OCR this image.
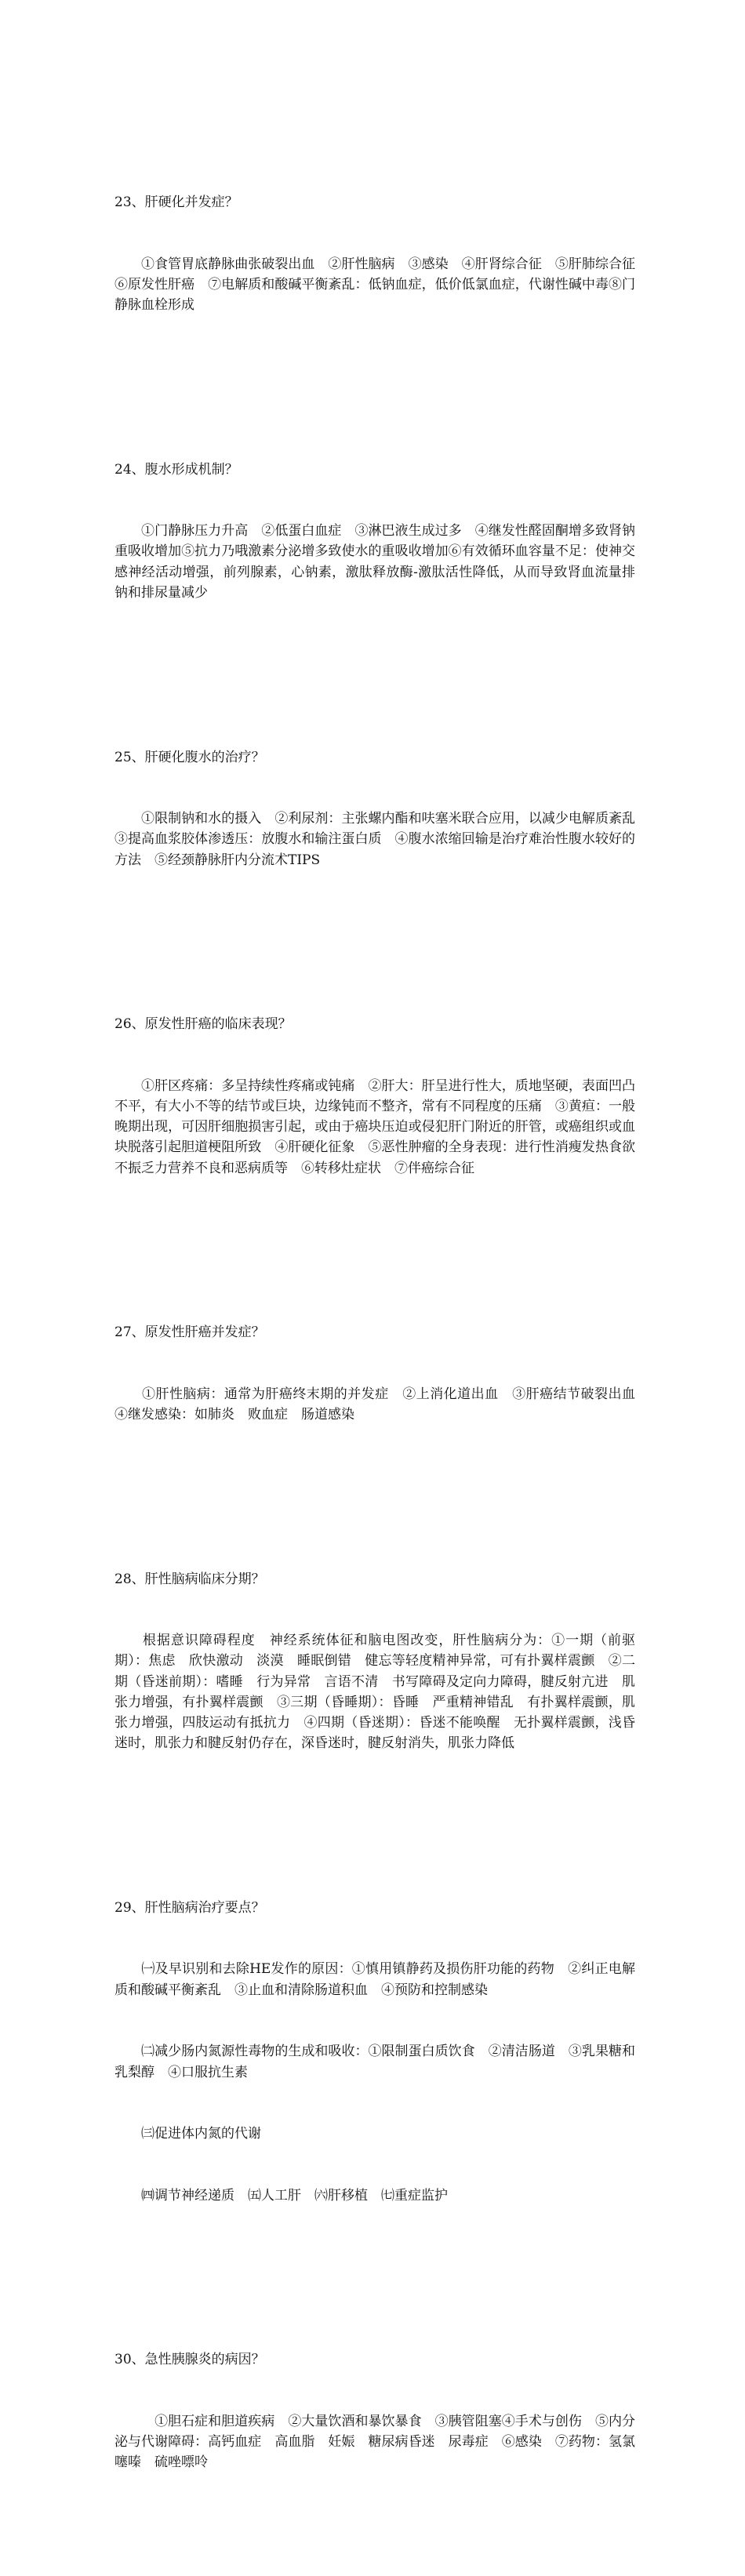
23、肝硬化并发症？

　　①食管胃底静脉曲张破裂出血　②肝性脑病　③感染　④肝肾综合征　⑤肝肺综合征　⑥原发性肝癌　⑦电解质和酸碱平衡紊乱：低钠血症，低价低氯血症，代谢性碱中毒⑧门静脉血栓形成

24、腹水形成机制？

　　①门静脉压力升高　②低蛋白血症　③淋巴液生成过多　④继发性醛固酮增多致肾钠重吸收增加⑤抗力乃哦激素分泌增多致使水的重吸收增加⑥有效循环血容量不足：使神交感神经活动增强，前列腺素，心钠素，激肽释放酶-激肽活性降低，从而导致肾血流量排钠和排尿量减少

25、肝硬化腹水的治疗？

　　①限制钠和水的摄入　②利尿剂：主张螺内酯和呋塞米联合应用，以减少电解质紊乱　③提高血浆胶体渗透压：放腹水和输注蛋白质　④腹水浓缩回输是治疗难治性腹水较好的方法　⑤经颈静脉肝内分流术TIPS

26、原发性肝癌的临床表现？

　　①肝区疼痛：多呈持续性疼痛或钝痛　②肝大：肝呈进行性大，质地坚硬，表面凹凸不平，有大小不等的结节或巨块，边缘钝而不整齐，常有不同程度的压痛　③黄疸：一般晚期出现，可因肝细胞损害引起，或由于癌块压迫或侵犯肝门附近的肝管，或癌组织或血块脱落引起胆道梗阻所致　④肝硬化征象　⑤恶性肿瘤的全身表现：进行性消瘦发热食欲不振乏力营养不良和恶病质等　⑥转移灶症状　⑦伴癌综合征

27、原发性肝癌并发症？

　　①肝性脑病：通常为肝癌终末期的并发症　②上消化道出血　③肝癌结节破裂出血　④继发感染：如肺炎　败血症　肠道感染

28、肝性脑病临床分期？

　　根据意识障碍程度　神经系统体征和脑电图改变，肝性脑病分为：①一期（前驱期）：焦虑　欣快激动　淡漠　睡眠倒错　健忘等轻度精神异常，可有扑翼样震颤　②二期（昏迷前期）：嗜睡　行为异常　言语不清　书写障碍及定向力障碍，腱反射亢进　肌张力增强，有扑翼样震颤　③三期（昏睡期）：昏睡　严重精神错乱　有扑翼样震颤，肌张力增强，四肢运动有抵抗力　④四期（昏迷期）：昏迷不能唤醒　无扑翼样震颤，浅昏迷时，肌张力和腱反射仍存在，深昏迷时，腱反射消失，肌张力降低

29、肝性脑病治疗要点？

　　㈠及早识别和去除HE发作的原因：①慎用镇静药及损伤肝功能的药物　②纠正电解质和酸碱平衡紊乱　③止血和清除肠道积血　④预防和控制感染

　　㈡减少肠内氮源性毒物的生成和吸收：①限制蛋白质饮食　②清洁肠道　③乳果糖和乳梨醇　④口服抗生素

　　㈢促进体内氮的代谢

　　㈣调节神经递质　㈤人工肝　㈥肝移植　㈦重症监护

30、急性胰腺炎的病因？

　　　①胆石症和胆道疾病　②大量饮酒和暴饮暴食　③胰管阻塞④手术与创伤　⑤内分泌与代谢障碍：高钙血症　高血脂　妊娠　糖尿病昏迷　尿毒症　⑥感染　⑦药物：氢氯噻嗪　硫唑嘌呤
